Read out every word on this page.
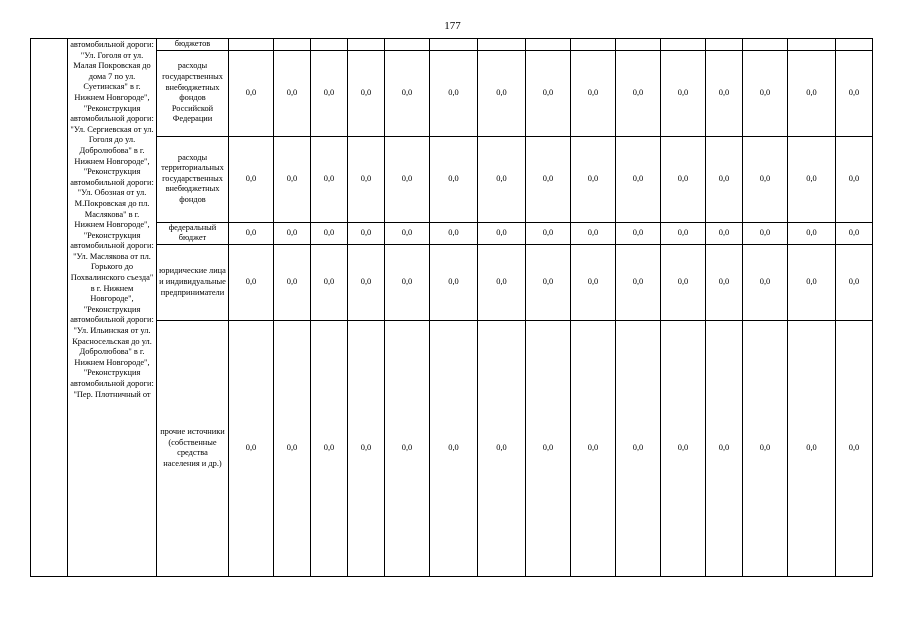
177
	автомобильной дороги: "Ул. Гоголя от ул. Малая Покровская до дома 7 по ул. Суетинская" в г. Нижнем Новгороде", "Реконструкция автомобильной дороги: "Ул. Сергиевская от ул. Гоголя до ул. Добролюбова" в г. Нижнем Новгороде", "Реконструкция автомобильной дороги: "Ул. Обозная от ул. М.Покровская до пл. Маслякова" в г. Нижнем Новгороде", "Реконструкция автомобильной дороги: "Ул. Маслякова от пл. Горького до Похвалинского съезда" в г. Нижнем Новгороде", "Реконструкция автомобильной дороги: "Ул. Ильинская от ул. Красносельская до ул. Добролюбова" в г. Нижнем Новгороде", "Реконструкция автомобильной дороги: "Пер. Плотничный от	бюджетов															
		расходы государственных внебюджетных фондов Российской Федерации	0,0	0,0	0,0	0,0	0,0	0,0	0,0	0,0	0,0	0,0	0,0	0,0	0,0	0,0	0,0
		расходы территориальных государственных внебюджетных фондов	0,0	0,0	0,0	0,0	0,0	0,0	0,0	0,0	0,0	0,0	0,0	0,0	0,0	0,0	0,0
		федеральный бюджет	0,0	0,0	0,0	0,0	0,0	0,0	0,0	0,0	0,0	0,0	0,0	0,0	0,0	0,0	0,0
		юридические лица и индивидуальные предприниматели	0,0	0,0	0,0	0,0	0,0	0,0	0,0	0,0	0,0	0,0	0,0	0,0	0,0	0,0	0,0
		прочие источники (собственные средства населения и др.)	0,0	0,0	0,0	0,0	0,0	0,0	0,0	0,0	0,0	0,0	0,0	0,0	0,0	0,0	0,0
